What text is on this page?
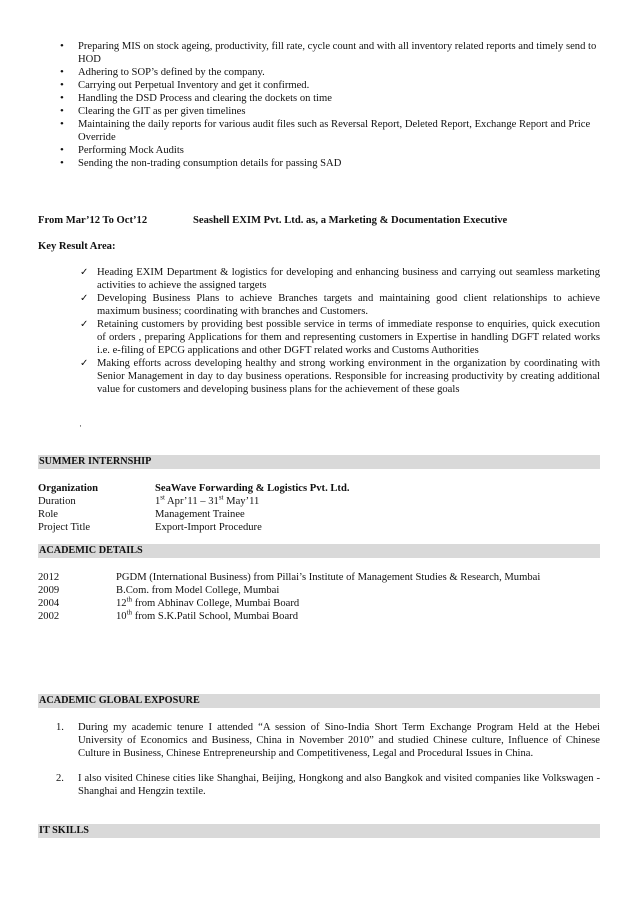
• Preparing MIS on stock ageing, productivity, fill rate, cycle count and with all inventory related reports and timely send to HOD
• Adhering to SOP’s defined by the company.
• Carrying out Perpetual Inventory and get it confirmed.
• Handling the DSD Process and clearing the dockets on time
• Clearing the GIT as per given timelines
• Maintaining the daily reports for various audit files such as Reversal Report, Deleted Report, Exchange Report and Price Override
• Performing Mock Audits
• Sending the non-trading consumption details for passing SAD
From Mar’12 To Oct’12	Seashell EXIM Pvt. Ltd. as, a Marketing & Documentation Executive
Key Result Area:
✓ Heading EXIM Department & logistics for developing and enhancing business and carrying out seamless marketing activities to achieve the assigned targets
✓ Developing Business Plans to achieve Branches targets and maintaining good client relationships to achieve maximum business; coordinating with branches and Customers.
✓ Retaining customers by providing best possible service in terms of immediate response to enquiries, quick execution of orders , preparing Applications for them and representing customers in Expertise in handling DGFT related works i.e. e-filing of EPCG applications and other DGFT related works and Customs Authorities
✓ Making efforts across developing healthy and strong working environment in the organization by coordinating with Senior Management in day to day business operations. Responsible for increasing productivity by creating additional value for customers and developing business plans for the achievement of these goals
·
SUMMER INTERNSHIP
Organization	SeaWave Forwarding & Logistics Pvt. Ltd.
Duration	1st Apr’11 – 31st May’11
Role	Management Trainee
Project Title	Export-Import Procedure
ACADEMIC DETAILS
2012	PGDM (International Business) from Pillai’s Institute of Management Studies & Research, Mumbai
2009	B.Com. from Model College, Mumbai
2004	12th from Abhinav College, Mumbai Board
2002	10th from S.K.Patil School, Mumbai Board
ACADEMIC GLOBAL EXPOSURE
1. During my academic tenure I attended “A session of Sino-India Short Term Exchange Program Held at the Hebei University of Economics and Business, China in November 2010” and studied Chinese culture, Influence of Chinese Culture in Business, Chinese Entrepreneurship and Competitiveness, Legal and Procedural Issues in China.
2. I also visited Chinese cities like Shanghai, Beijing, Hongkong and also Bangkok and visited companies like Volkswagen -Shanghai and Hengzin textile.
IT SKILLS
